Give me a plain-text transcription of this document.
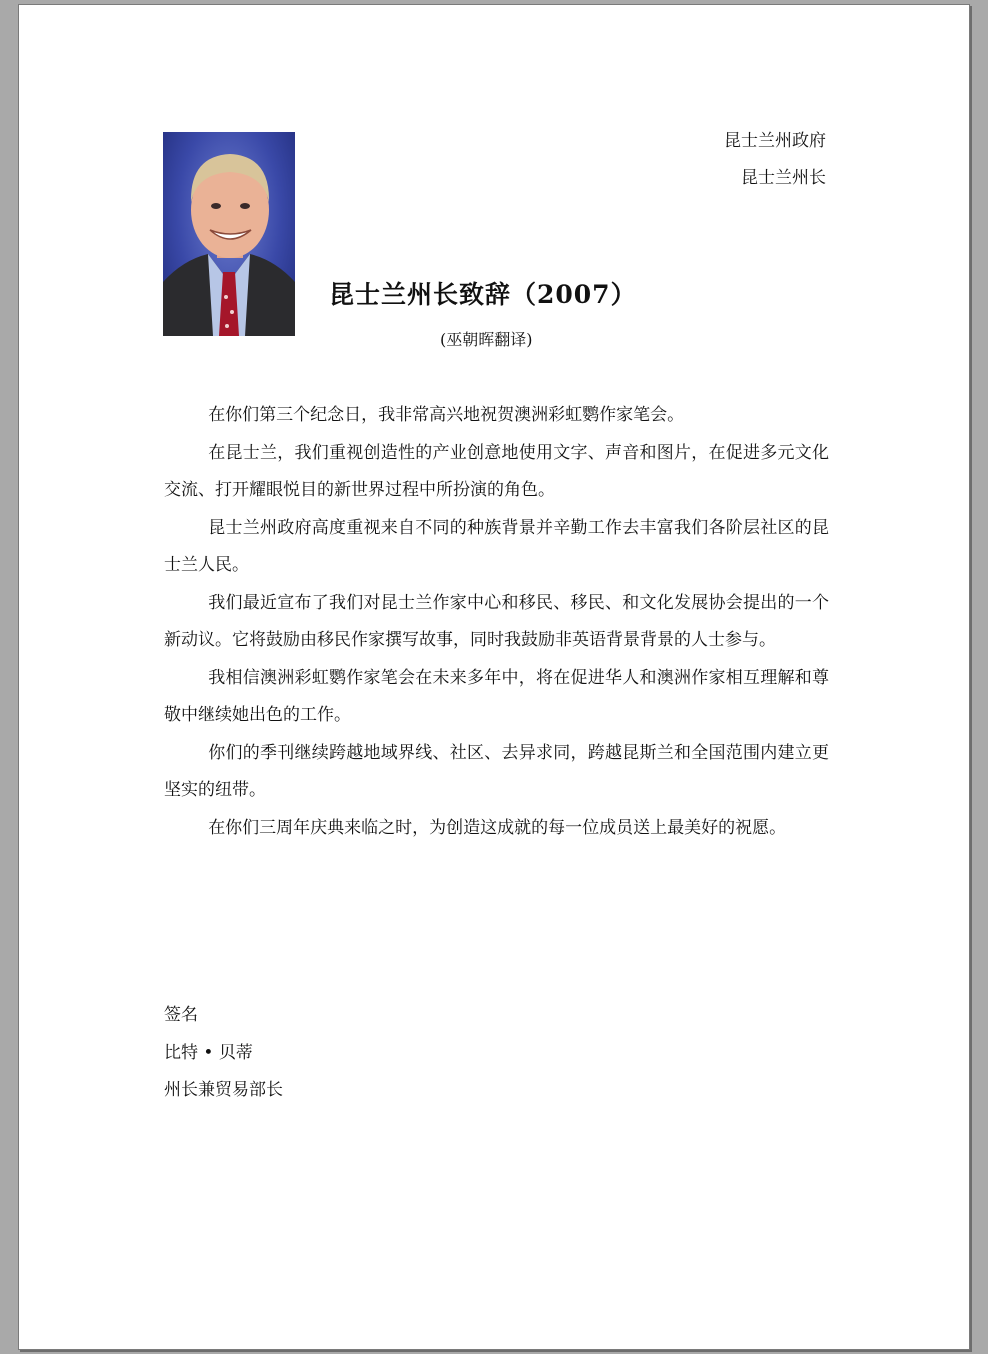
昆士兰州政府
昆士兰州长
昆士兰州长致辞（2007）
(巫朝晖翻译)

在你们第三个纪念日，我非常高兴地祝贺澳洲彩虹鹦作家笔会。

在昆士兰，我们重视创造性的产业创意地使用文字、声音和图片，在促进多元文化交流、打开耀眼悦目的新世界过程中所扮演的角色。

昆士兰州政府高度重视来自不同的种族背景并辛勤工作去丰富我们各阶层社区的昆士兰人民。

我们最近宣布了我们对昆士兰作家中心和移民、移民、和文化发展协会提出的一个新动议。它将鼓励由移民作家撰写故事，同时我鼓励非英语背景背景的人士参与。

我相信澳洲彩虹鹦作家笔会在未来多年中，将在促进华人和澳洲作家相互理解和尊敬中继续她出色的工作。

你们的季刊继续跨越地域界线、社区、去异求同，跨越昆斯兰和全国范围内建立更坚实的纽带。

在你们三周年庆典来临之时，为创造这成就的每一位成员送上最美好的祝愿。

签名
比特 • 贝蒂
州长兼贸易部长
